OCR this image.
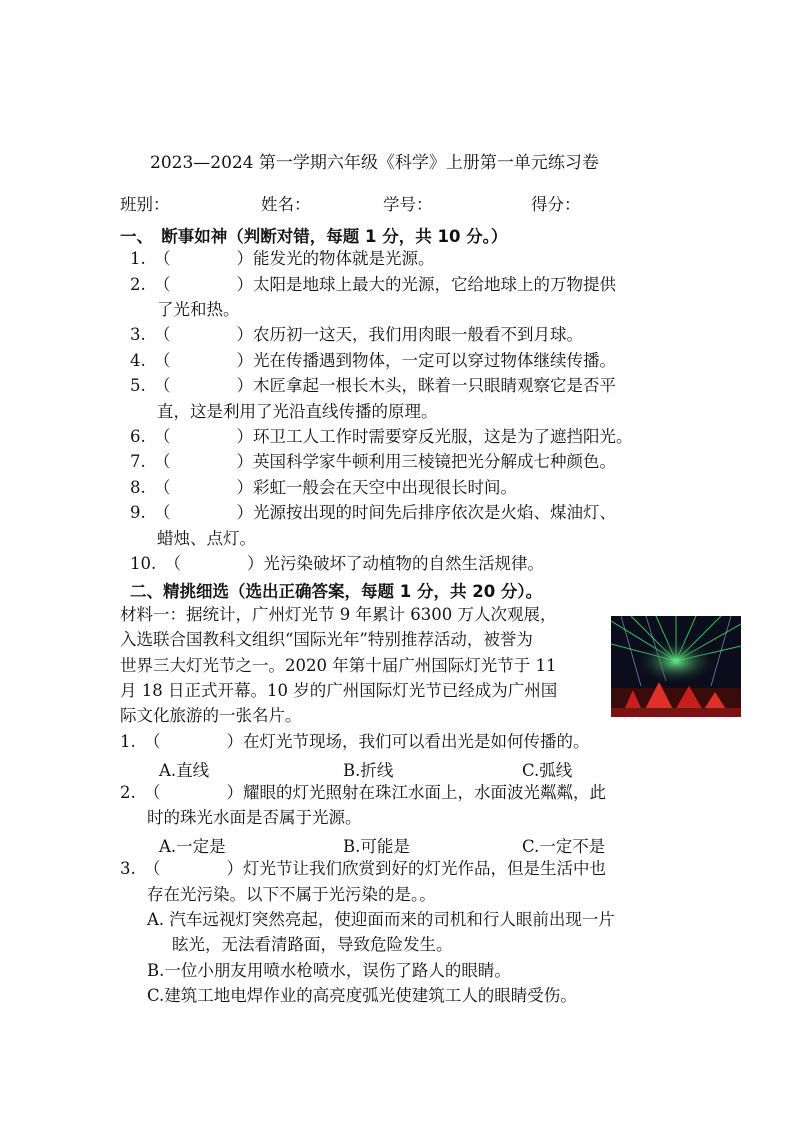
2023—2024 第一学期六年级《科学》上册第一单元练习卷
班别：	姓名：	学号：	得分：
一、　断事如神（判断对错，每题 1 分，共 10 分。）
1.　（　　　　）能发光的物体就是光源。
2.　（　　　　）太阳是地球上最大的光源，它给地球上的万物提供
了光和热。
3.　（　　　　）农历初一这天，我们用肉眼一般看不到月球。
4.　（　　　　）光在传播遇到物体，一定可以穿过物体继续传播。
5.　（　　　　）木匠拿起一根长木头，眯着一只眼睛观察它是否平
直，这是利用了光沿直线传播的原理。
6.　（　　　　）环卫工人工作时需要穿反光服，这是为了遮挡阳光。
7.　（　　　　）英国科学家牛顿利用三棱镜把光分解成七种颜色。
8.　（　　　　）彩虹一般会在天空中出现很长时间。
9.　（　　　　）光源按出现的时间先后排序依次是火焰、煤油灯、
蜡烛、点灯。
10.　（　　　　）光污染破坏了动植物的自然生活规律。
二、精挑细选（选出正确答案，每题 1 分，共 20 分）。
材料一：据统计，广州灯光节 9 年累计 6300 万人次观展，
入选联合国教科文组织“国际光年”特别推荐活动，被誉为
世界三大灯光节之一。2020 年第十届广州国际灯光节于 11
月 18 日正式开幕。10 岁的广州国际灯光节已经成为广州国
际文化旅游的一张名片。
1.　（　　　　）在灯光节现场，我们可以看出光是如何传播的。
A.直线	B.折线	C.弧线
2.　（　　　　）耀眼的灯光照射在珠江水面上，水面波光粼粼，此
时的珠光水面是否属于光源。
A.一定是	B.可能是	C.一定不是
3.　（　　　　）灯光节让我们欣赏到好的灯光作品，但是生活中也
存在光污染。以下不属于光污染的是。。
A. 汽车远视灯突然亮起，使迎面而来的司机和行人眼前出现一片
眩光，无法看清路面，导致危险发生。
B.一位小朋友用喷水枪喷水，误伤了路人的眼睛。
C.建筑工地电焊作业的高亮度弧光使建筑工人的眼睛受伤。
